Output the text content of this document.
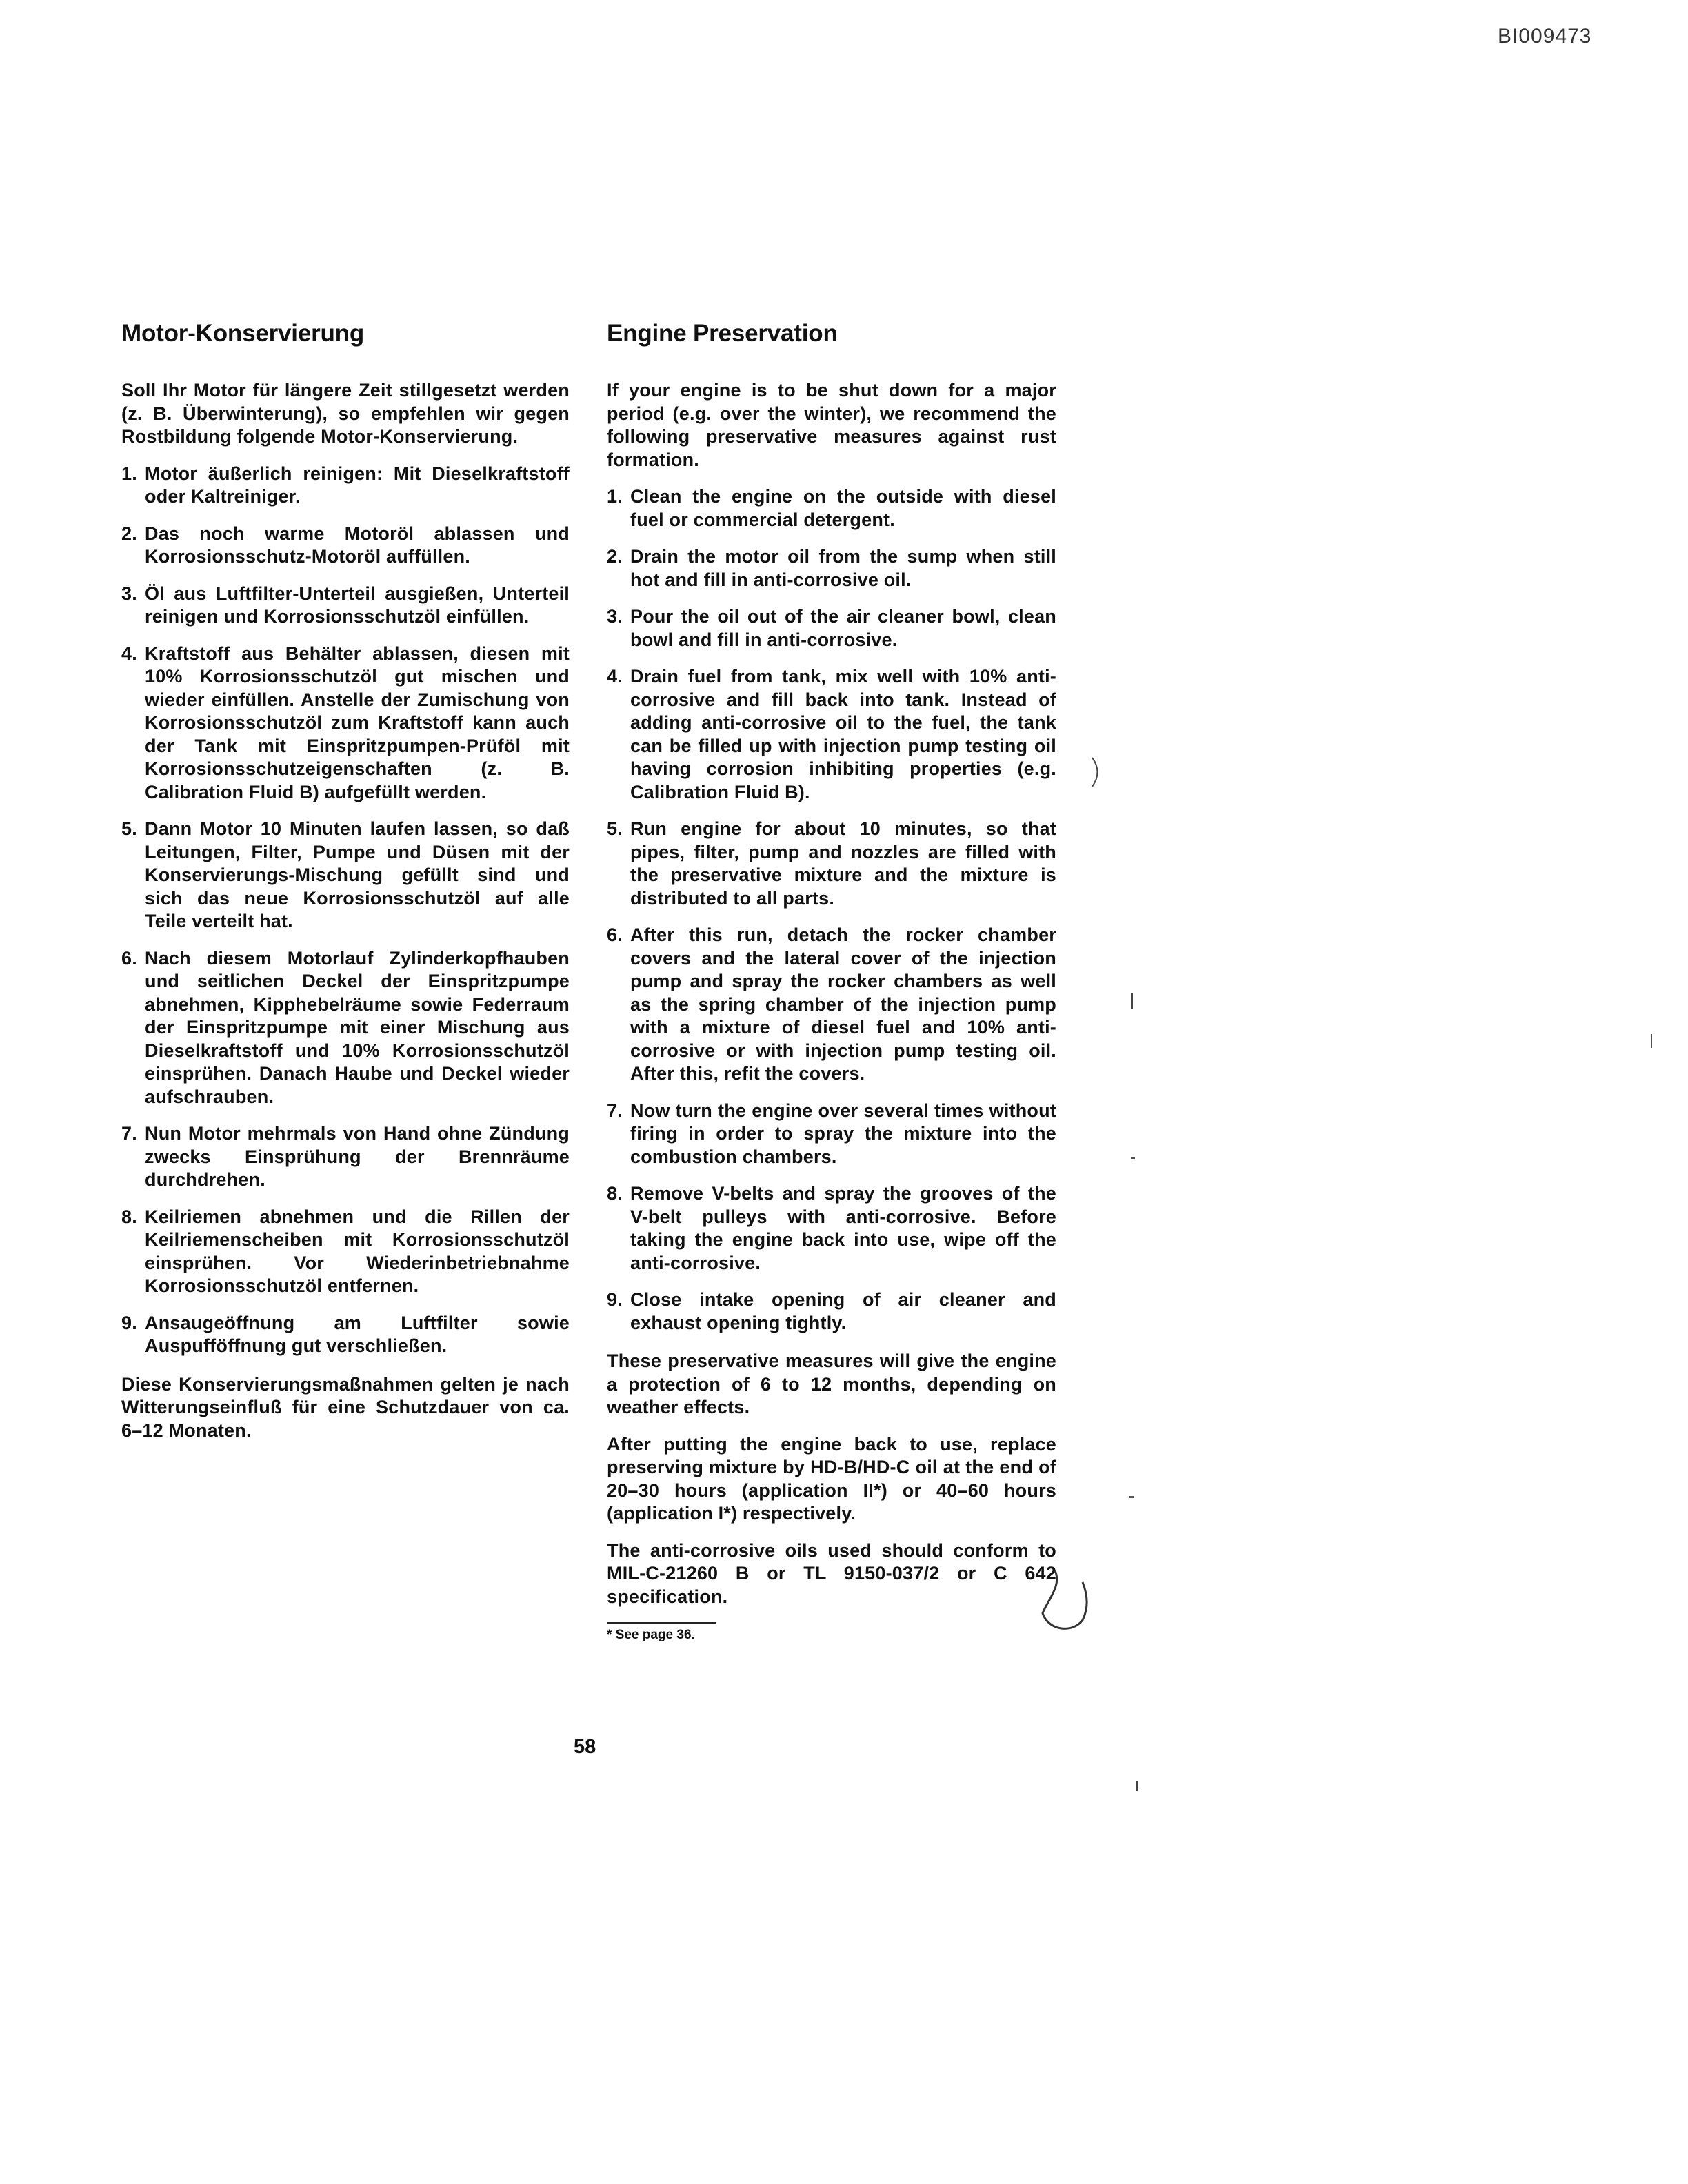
BI009473
Motor-Konservierung

Soll Ihr Motor für längere Zeit stillgesetzt werden (z. B. Überwinterung), so empfehlen wir gegen Rostbildung folgende Motor-Konservierung.

1. Motor äußerlich reinigen: Mit Dieselkraftstoff oder Kaltreiniger.
2. Das noch warme Motoröl ablassen und Korrosionsschutz-Motoröl auffüllen.
3. Öl aus Luftfilter-Unterteil ausgießen, Unterteil reinigen und Korrosionsschutzöl einfüllen.
4. Kraftstoff aus Behälter ablassen, diesen mit 10% Korrosionsschutzöl gut mischen und wieder einfüllen. Anstelle der Zumischung von Korrosionsschutzöl zum Kraftstoff kann auch der Tank mit Einspritzpumpen-Prüföl mit Korrosionsschutzeigenschaften (z. B. Calibration Fluid B) aufgefüllt werden.
5. Dann Motor 10 Minuten laufen lassen, so daß Leitungen, Filter, Pumpe und Düsen mit der Konservierungs-Mischung gefüllt sind und sich das neue Korrosionsschutzöl auf alle Teile verteilt hat.
6. Nach diesem Motorlauf Zylinderkopfhauben und seitlichen Deckel der Einspritzpumpe abnehmen, Kipphebelräume sowie Federraum der Einspritzpumpe mit einer Mischung aus Dieselkraftstoff und 10% Korrosionsschutzöl einsprühen. Danach Haube und Deckel wieder aufschrauben.
7. Nun Motor mehrmals von Hand ohne Zündung zwecks Einsprühung der Brennräume durchdrehen.
8. Keilriemen abnehmen und die Rillen der Keilriemenscheiben mit Korrosionsschutzöl einsprühen. Vor Wiederinbetriebnahme Korrosionsschutzöl entfernen.
9. Ansaugeöffnung am Luftfilter sowie Auspufföffnung gut verschließen.

Diese Konservierungsmaßnahmen gelten je nach Witterungseinfluß für eine Schutzdauer von ca. 6–12 Monaten.

Engine Preservation

If your engine is to be shut down for a major period (e.g. over the winter), we recommend the following preservative measures against rust formation.

1. Clean the engine on the outside with diesel fuel or commercial detergent.
2. Drain the motor oil from the sump when still hot and fill in anti-corrosive oil.
3. Pour the oil out of the air cleaner bowl, clean bowl and fill in anti-corrosive.
4. Drain fuel from tank, mix well with 10% anti-corrosive and fill back into tank. Instead of adding anti-corrosive oil to the fuel, the tank can be filled up with injection pump testing oil having corrosion inhibiting properties (e.g. Calibration Fluid B).
5. Run engine for about 10 minutes, so that pipes, filter, pump and nozzles are filled with the preservative mixture and the mixture is distributed to all parts.
6. After this run, detach the rocker chamber covers and the lateral cover of the injection pump and spray the rocker chambers as well as the spring chamber of the injection pump with a mixture of diesel fuel and 10% anti-corrosive or with injection pump testing oil. After this, refit the covers.
7. Now turn the engine over several times without firing in order to spray the mixture into the combustion chambers.
8. Remove V-belts and spray the grooves of the V-belt pulleys with anti-corrosive. Before taking the engine back into use, wipe off the anti-corrosive.
9. Close intake opening of air cleaner and exhaust opening tightly.

These preservative measures will give the engine a protection of 6 to 12 months, depending on weather effects.

After putting the engine back to use, replace preserving mixture by HD-B/HD-C oil at the end of 20–30 hours (application II*) or 40–60 hours (application I*) respectively.

The anti-corrosive oils used should conform to MIL-C-21260 B or TL 9150-037/2 or C 642 specification.

* See page 36.
58
